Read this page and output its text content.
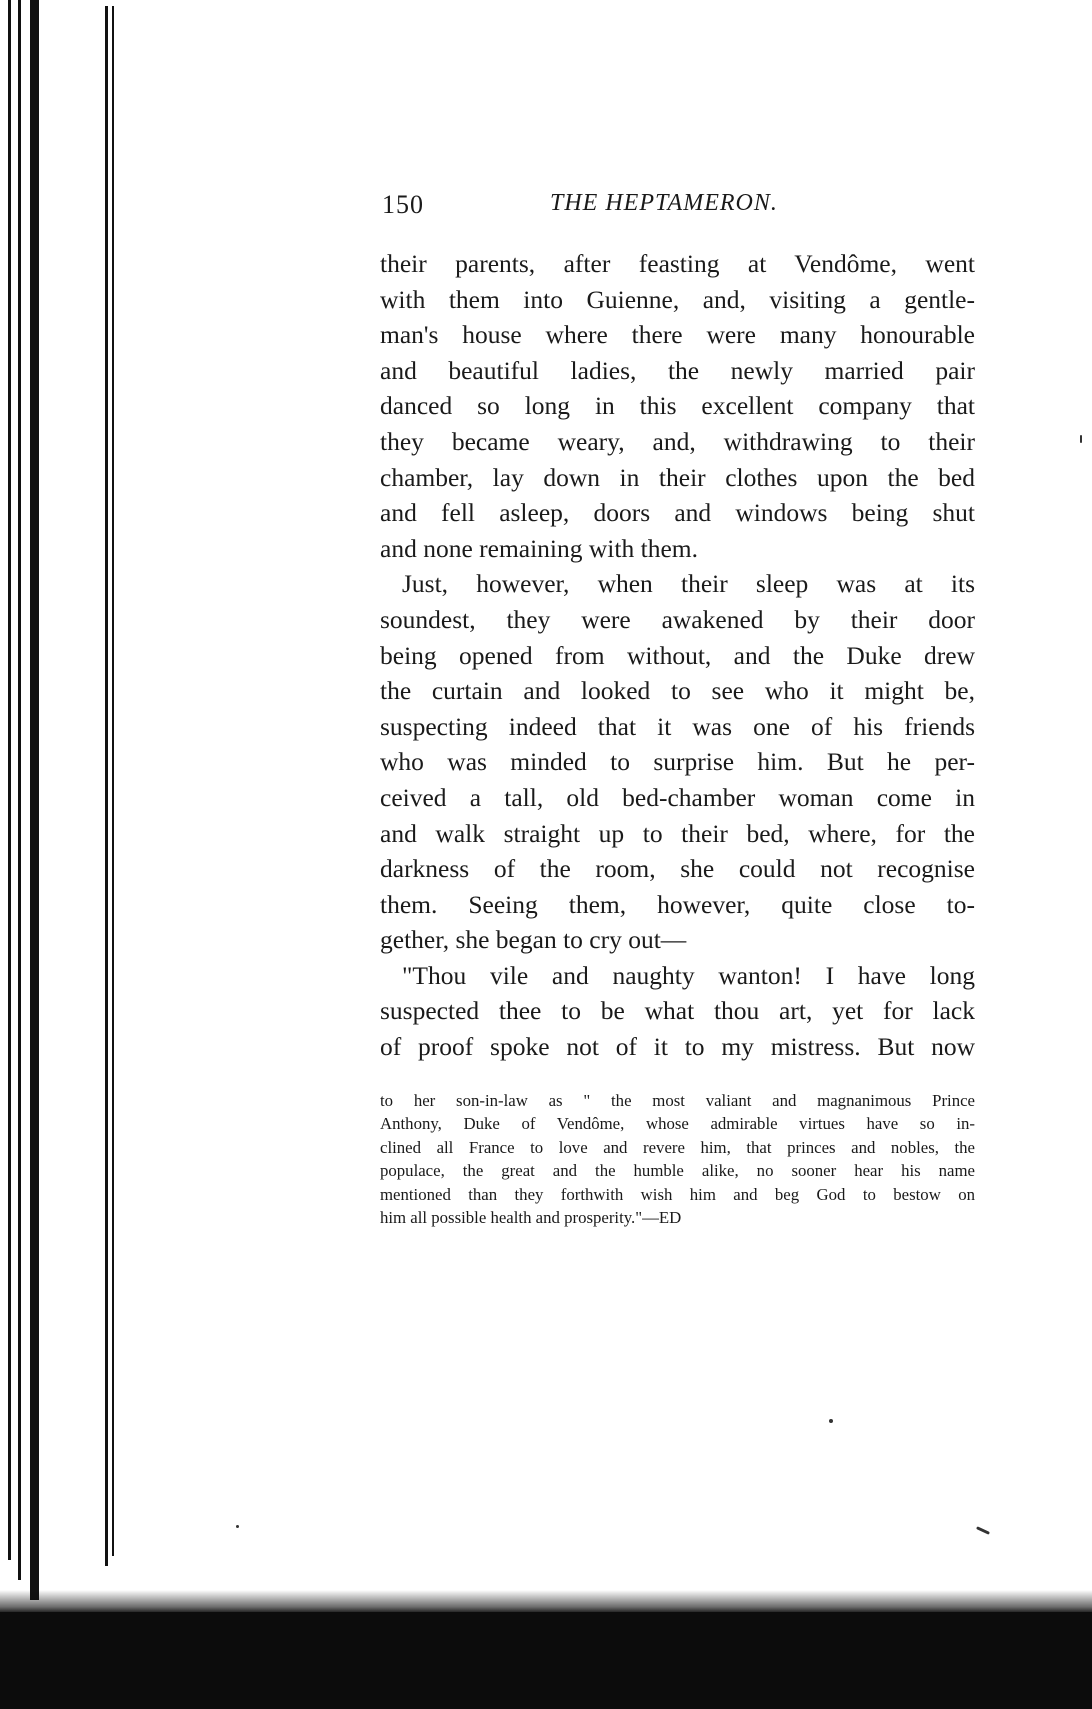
150	THE HEPTAMERON.
their parents, after feasting at Vendôme, went
with them into Guienne, and, visiting a gentle-
man's house where there were many honourable
and beautiful ladies, the newly married pair
danced so long in this excellent company that
they became weary, and, withdrawing to their
chamber, lay down in their clothes upon the bed
and fell asleep, doors and windows being shut
and none remaining with them.
Just, however, when their sleep was at its
soundest, they were awakened by their door
being opened from without, and the Duke drew
the curtain and looked to see who it might be,
suspecting indeed that it was one of his friends
who was minded to surprise him. But he per-
ceived a tall, old bed-chamber woman come in
and walk straight up to their bed, where, for the
darkness of the room, she could not recognise
them. Seeing them, however, quite close to-
gether, she began to cry out—
"Thou vile and naughty wanton! I have long
suspected thee to be what thou art, yet for lack
of proof spoke not of it to my mistress. But now
to her son-in-law as " the most valiant and magnanimous Prince
Anthony, Duke of Vendôme, whose admirable virtues have so in-
clined all France to love and revere him, that princes and nobles, the
populace, the great and the humble alike, no sooner hear his name
mentioned than they forthwith wish him and beg God to bestow on
him all possible health and prosperity."—ED
